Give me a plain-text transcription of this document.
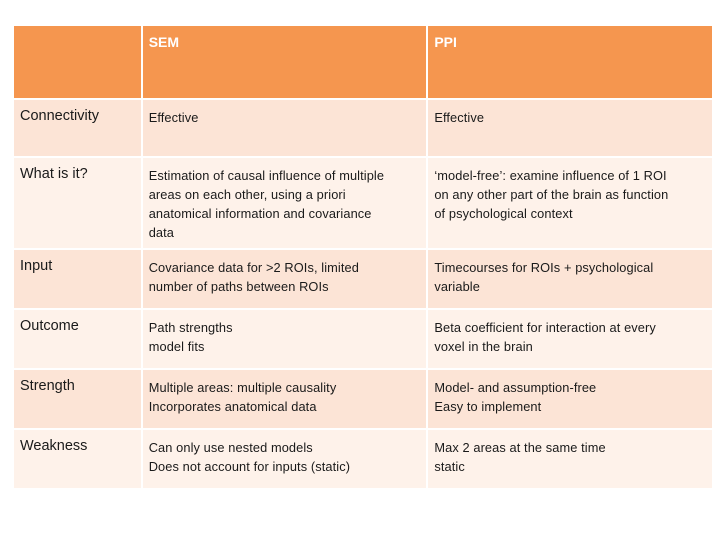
	SEM	PPI

Connectivity	Effective	Effective

What is it?	Estimation of causal influence of multiple
areas on each other, using a priori
anatomical information and covariance
data	‘model-free’: examine influence of 1 ROI
on any other part of the brain as function
of psychological context

Input	Covariance data for >2 ROIs, limited
number of paths between ROIs	Timecourses for ROIs + psychological
variable

Outcome	Path strengths
model fits	Beta coefficient for interaction at every
voxel in the brain

Strength	Multiple areas: multiple causality
Incorporates anatomical data	Model- and assumption-free
Easy to implement

Weakness	Can only use nested models
Does not account for inputs (static)	Max 2 areas at the same time
static
